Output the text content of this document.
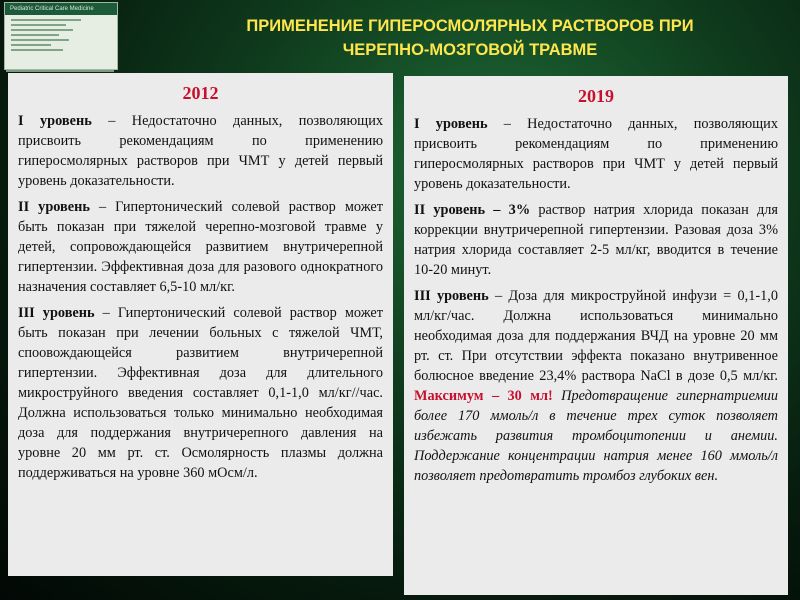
Pediatric Critical Care Medicine
ПРИМЕНЕНИЕ ГИПЕРОСМОЛЯРНЫХ РАСТВОРОВ ПРИ
ЧЕРЕПНО-МОЗГОВОЙ ТРАВМЕ
2012

I уровень – Недостаточно данных, позволяющих присвоить рекомендациям по применению гиперосмолярных растворов при ЧМТ у детей первый уровень доказательности.

II уровень – Гипертонический солевой раствор может быть показан при тяжелой черепно-мозговой травме у детей, сопровождающейся развитием внутричерепной гипертензии. Эффективная доза для разового однократного назначения составляет 6,5-10 мл/кг.

III уровень – Гипертонический солевой раствор может быть показан при лечении больных с тяжелой ЧМТ, споовождающейся развитием внутричерепной гипертензии. Эффективная доза для длительного микроструйного введения составляет 0,1-1,0 мл/кг//час. Должна использоваться только минимально необходимая доза для поддержания внутричерепного давления на уровне 20 мм рт. ст. Осмолярность плазмы должна поддерживаться на уровне 360 мОсм/л.

2019

I уровень – Недостаточно данных, позволяющих присвоить рекомендациям по применению гиперосмолярных растворов при ЧМТ у детей первый уровень доказательности.

II уровень – 3% раствор натрия хлорида показан для коррекции внутричерепной гипертензии. Разовая доза 3% натрия хлорида составляет 2-5 мл/кг, вводится в течение 10-20 минут.

III уровень – Доза для микроструйной инфузи = 0,1-1,0 мл/кг/час. Должна использоваться минимально необходимая доза для поддержания ВЧД на уровне 20 мм рт. ст. При отсутствии эффекта показано внутривенное болюсное введение 23,4% раствора NaCl в дозе 0,5 мл/кг. Максимум – 30 мл! Предотвращение гипернатриемии более 170 ммоль/л в течение трех суток позволяет избежать развития тромбоцитопении и анемии. Поддержание концентрации натрия менее 160 ммоль/л позволяет предотвратить тромбоз глубоких вен.
